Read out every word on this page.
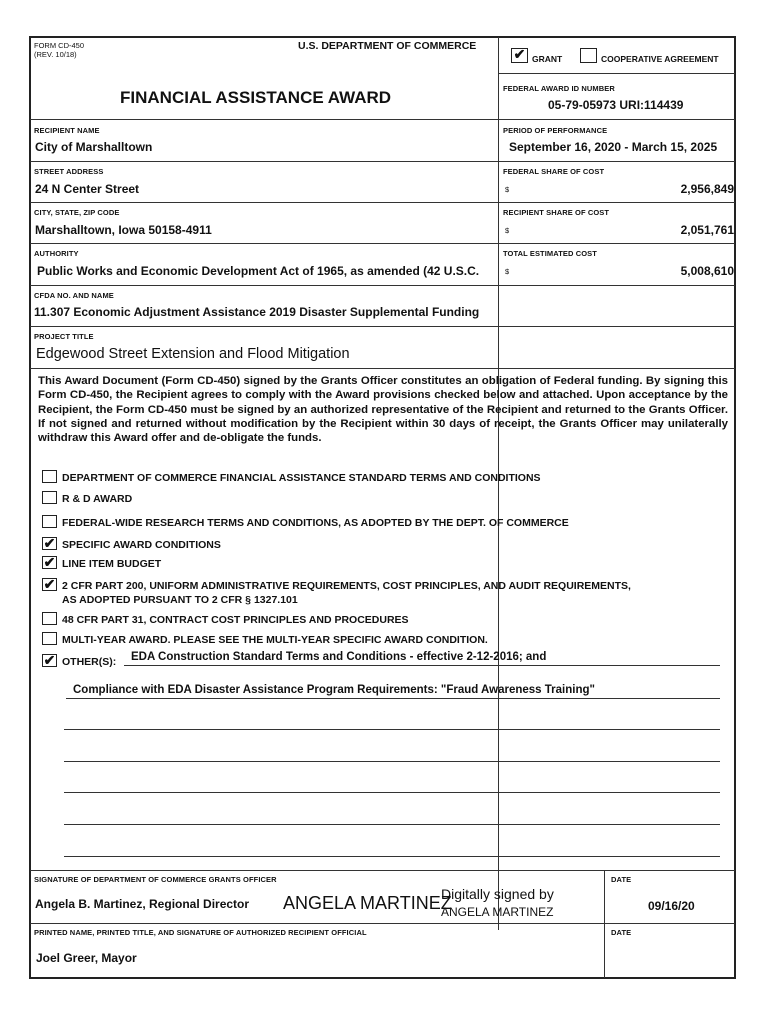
FORM CD-450
(REV. 10/18)
U.S. DEPARTMENT OF COMMERCE
FINANCIAL ASSISTANCE AWARD
✔ GRANT	COOPERATIVE AGREEMENT
FEDERAL AWARD ID NUMBER
05-79-05973 URI:114439
RECIPIENT NAME
City of Marshalltown
PERIOD OF PERFORMANCE
September 16, 2020 - March 15, 2025
STREET ADDRESS
24 N Center Street
FEDERAL SHARE OF COST
$	2,956,849
CITY, STATE, ZIP CODE
Marshalltown, Iowa 50158-4911
RECIPIENT SHARE OF COST
$	2,051,761
AUTHORITY
Public Works and Economic Development Act of 1965, as amended (42 U.S.C.
TOTAL ESTIMATED COST
$	5,008,610
CFDA NO. AND NAME
11.307 Economic Adjustment Assistance 2019 Disaster Supplemental Funding
PROJECT TITLE
Edgewood Street Extension and Flood Mitigation
This Award Document (Form CD-450) signed by the Grants Officer constitutes an obligation of Federal funding. By signing this Form CD-450, the Recipient agrees to comply with the Award provisions checked below and attached. Upon acceptance by the Recipient, the Form CD-450 must be signed by an authorized representative of the Recipient and returned to the Grants Officer. If not signed and returned without modification by the Recipient within 30 days of receipt, the Grants Officer may unilaterally withdraw this Award offer and de-obligate the funds.
DEPARTMENT OF COMMERCE FINANCIAL ASSISTANCE STANDARD TERMS AND CONDITIONS
R & D AWARD
FEDERAL-WIDE RESEARCH TERMS AND CONDITIONS, AS ADOPTED BY THE DEPT. OF COMMERCE
✔ SPECIFIC AWARD CONDITIONS
✔ LINE ITEM BUDGET
✔ 2 CFR PART 200, UNIFORM ADMINISTRATIVE REQUIREMENTS, COST PRINCIPLES, AND AUDIT REQUIREMENTS,
AS ADOPTED PURSUANT TO 2 CFR § 1327.101
48 CFR PART 31, CONTRACT COST PRINCIPLES AND PROCEDURES
MULTI-YEAR AWARD. PLEASE SEE THE MULTI-YEAR SPECIFIC AWARD CONDITION.
✔ OTHER(S): EDA Construction Standard Terms and Conditions - effective 2-12-2016; and
Compliance with EDA Disaster Assistance Program Requirements: "Fraud Awareness Training"
SIGNATURE OF DEPARTMENT OF COMMERCE GRANTS OFFICER	DATE
Angela B. Martinez, Regional Director ANGELA MARTINEZ
Digitally signed by
ANGELA MARTINEZ	09/16/20
PRINTED NAME, PRINTED TITLE, AND SIGNATURE OF AUTHORIZED RECIPIENT OFFICIAL	DATE
Joel Greer, Mayor
